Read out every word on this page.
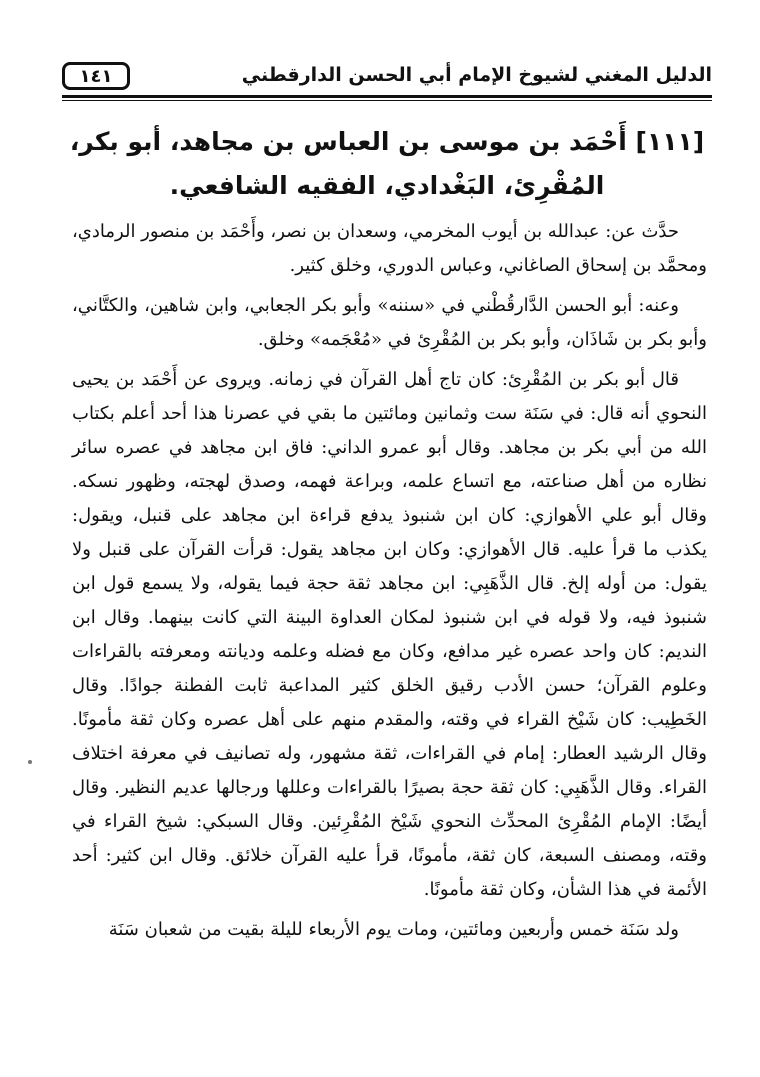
الدليل المغني لشيوخ الإمام أبي الحسن الدارقطني
١٤١
[١١١] أَحْمَد بن موسى بن العباس بن مجاهد، أبو بكر، المُقْرِئ، البَغْدادي، الفقيه الشافعي.

حدَّث عن: عبدالله بن أيوب المخرمي، وسعدان بن نصر، وأَحْمَد بن منصور الرمادي، ومحمَّد بن إسحاق الصاغاني، وعباس الدوري، وخلق كثير.

وعنه: أبو الحسن الدَّارقُطْني في «سننه» وأبو بكر الجعابي، وابن شاهين، والكتَّاني، وأبو بكر بن شَاذَان، وأبو بكر بن المُقْرِئ في «مُعْجَمه» وخلق.

قال أبو بكر بن المُقْرِئ: كان تاج أهل القرآن في زمانه. ويروى عن أَحْمَد بن يحيى النحوي أنه قال: في سَنَة ست وثمانين ومائتين ما بقي في عصرنا هذا أحد أعلم بكتاب الله من أبي بكر بن مجاهد. وقال أبو عمرو الداني: فاق ابن مجاهد في عصره سائر نظاره من أهل صناعته، مع اتساع علمه، وبراعة فهمه، وصدق لهجته، وظهور نسكه. وقال أبو علي الأهوازي: كان ابن شنبوذ يدفع قراءة ابن مجاهد على قنبل، ويقول: يكذب ما قرأ عليه. قال الأهوازي: وكان ابن مجاهد يقول: قرأت القرآن على قنبل ولا يقول: من أوله إلخ. قال الذَّهَبِي: ابن مجاهد ثقة حجة فيما يقوله، ولا يسمع قول ابن شنبوذ فيه، ولا قوله في ابن شنبوذ لمكان العداوة البينة التي كانت بينهما. وقال ابن النديم: كان واحد عصره غير مدافع، وكان مع فضله وعلمه وديانته ومعرفته بالقراءات وعلوم القرآن؛ حسن الأدب رقيق الخلق كثير المداعبة ثابت الفطنة جوادًا. وقال الخَطِيب: كان شَيْخ القراء في وقته، والمقدم منهم على أهل عصره وكان ثقة مأمونًا. وقال الرشيد العطار: إمام في القراءات، ثقة مشهور، وله تصانيف في معرفة اختلاف القراء. وقال الذَّهَبِي: كان ثقة حجة بصيرًا بالقراءات وعللها ورجالها عديم النظير. وقال أيضًا: الإمام المُقْرِئ المحدِّث النحوي شَيْخ المُقْرِئين. وقال السبكي: شيخ القراء في وقته، ومصنف السبعة، كان ثقة، مأمونًا، قرأ عليه القرآن خلائق. وقال ابن كثير: أحد الأئمة في هذا الشأن، وكان ثقة مأمونًا.

ولد سَنَة خمس وأربعين ومائتين، ومات يوم الأربعاء لليلة بقيت من شعبان سَنَة
